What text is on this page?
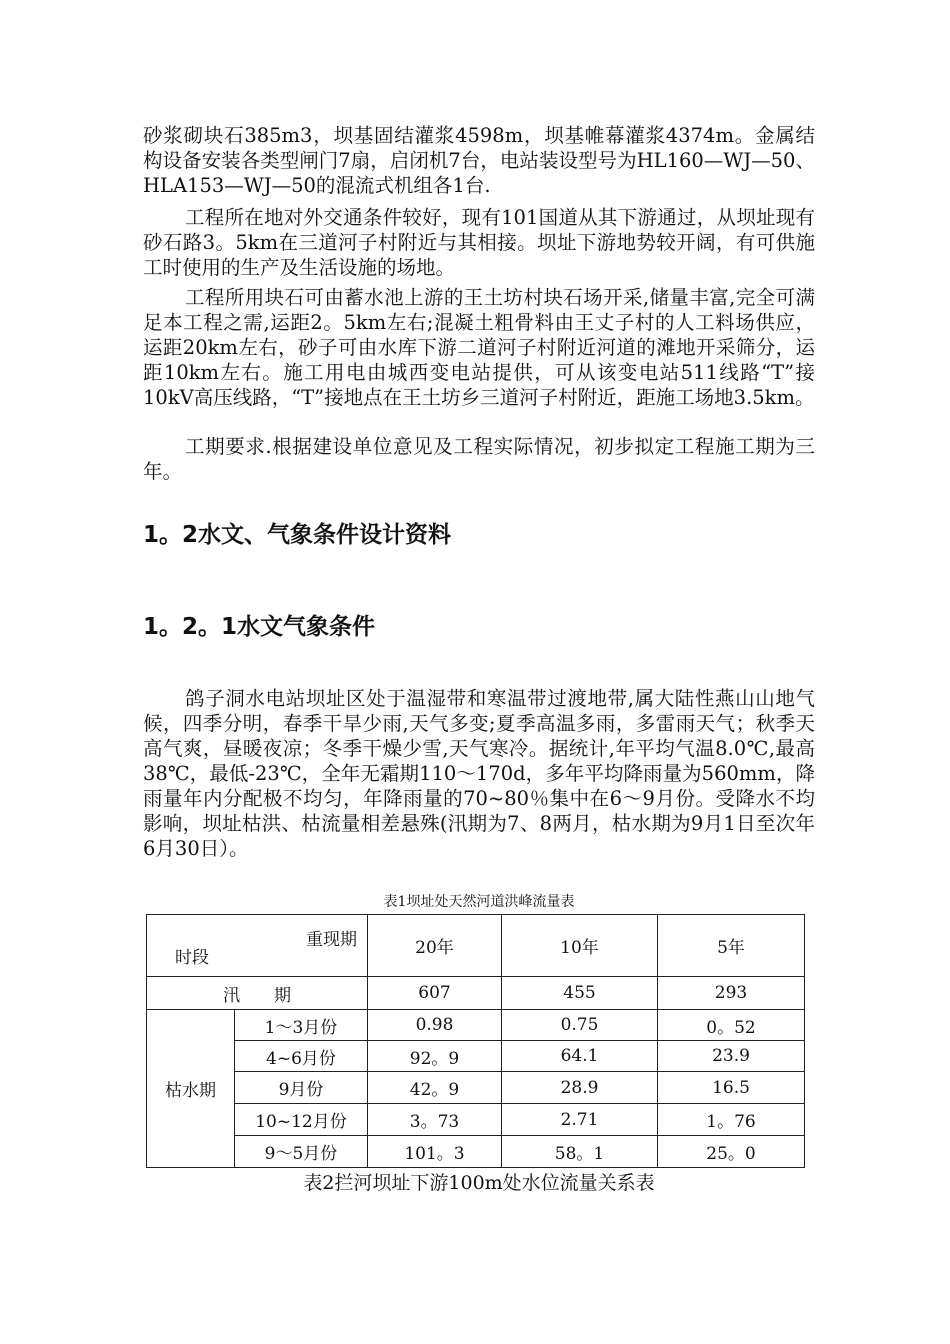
砂浆砌块石385m3，坝基固结灌浆4598m，坝基帷幕灌浆4374m。金属结构设备安装各类型闸门7扇，启闭机7台，电站装设型号为HL160—WJ—50、HLA153—WJ—50的混流式机组各1台.

工程所在地对外交通条件较好，现有101国道从其下游通过，从坝址现有砂石路3。5km在三道河子村附近与其相接。坝址下游地势较开阔，有可供施工时使用的生产及生活设施的场地。

工程所用块石可由蓄水池上游的王土坊村块石场开采,储量丰富,完全可满足本工程之需,运距2。5km左右;混凝土粗骨料由王丈子村的人工料场供应，运距20km左右，砂子可由水库下游二道河子村附近河道的滩地开采筛分，运距10km左右。施工用电由城西变电站提供，可从该变电站511线路“T”接10kV高压线路，“T”接地点在王土坊乡三道河子村附近，距施工场地3.5km。

工期要求.根据建设单位意见及工程实际情况，初步拟定工程施工期为三年。

1。2水文、气象条件设计资料
1。2。1水文气象条件

鸽子洞水电站坝址区处于温湿带和寒温带过渡地带,属大陆性燕山山地气候，四季分明，春季干旱少雨,天气多变;夏季高温多雨，多雷雨天气；秋季天高气爽，昼暖夜凉；冬季干燥少雪,天气寒冷。据统计,年平均气温8.0℃,最高38℃，最低-23℃，全年无霜期110～170d，多年平均降雨量为560mm，降雨量年内分配极不均匀，年降雨量的70~80％集中在6～9月份。受降水不均影响，坝址枯洪、枯流量相差悬殊(汛期为7、8两月，枯水期为9月1日至次年6月30日）。

表1坝址处天然河道洪峰流量表

重现期
时段		20年	10年	5年
汛　　期		607	455	293
枯水期	1～3月份	0.98	0.75	0。52
	4~6月份	92。9	64.1	23.9
	9月份	42。9	28.9	16.5
	10~12月份	3。73	2.71	1。76
	9～5月份	101。3	58。1	25。0

表2拦河坝址下游100m处水位流量关系表
